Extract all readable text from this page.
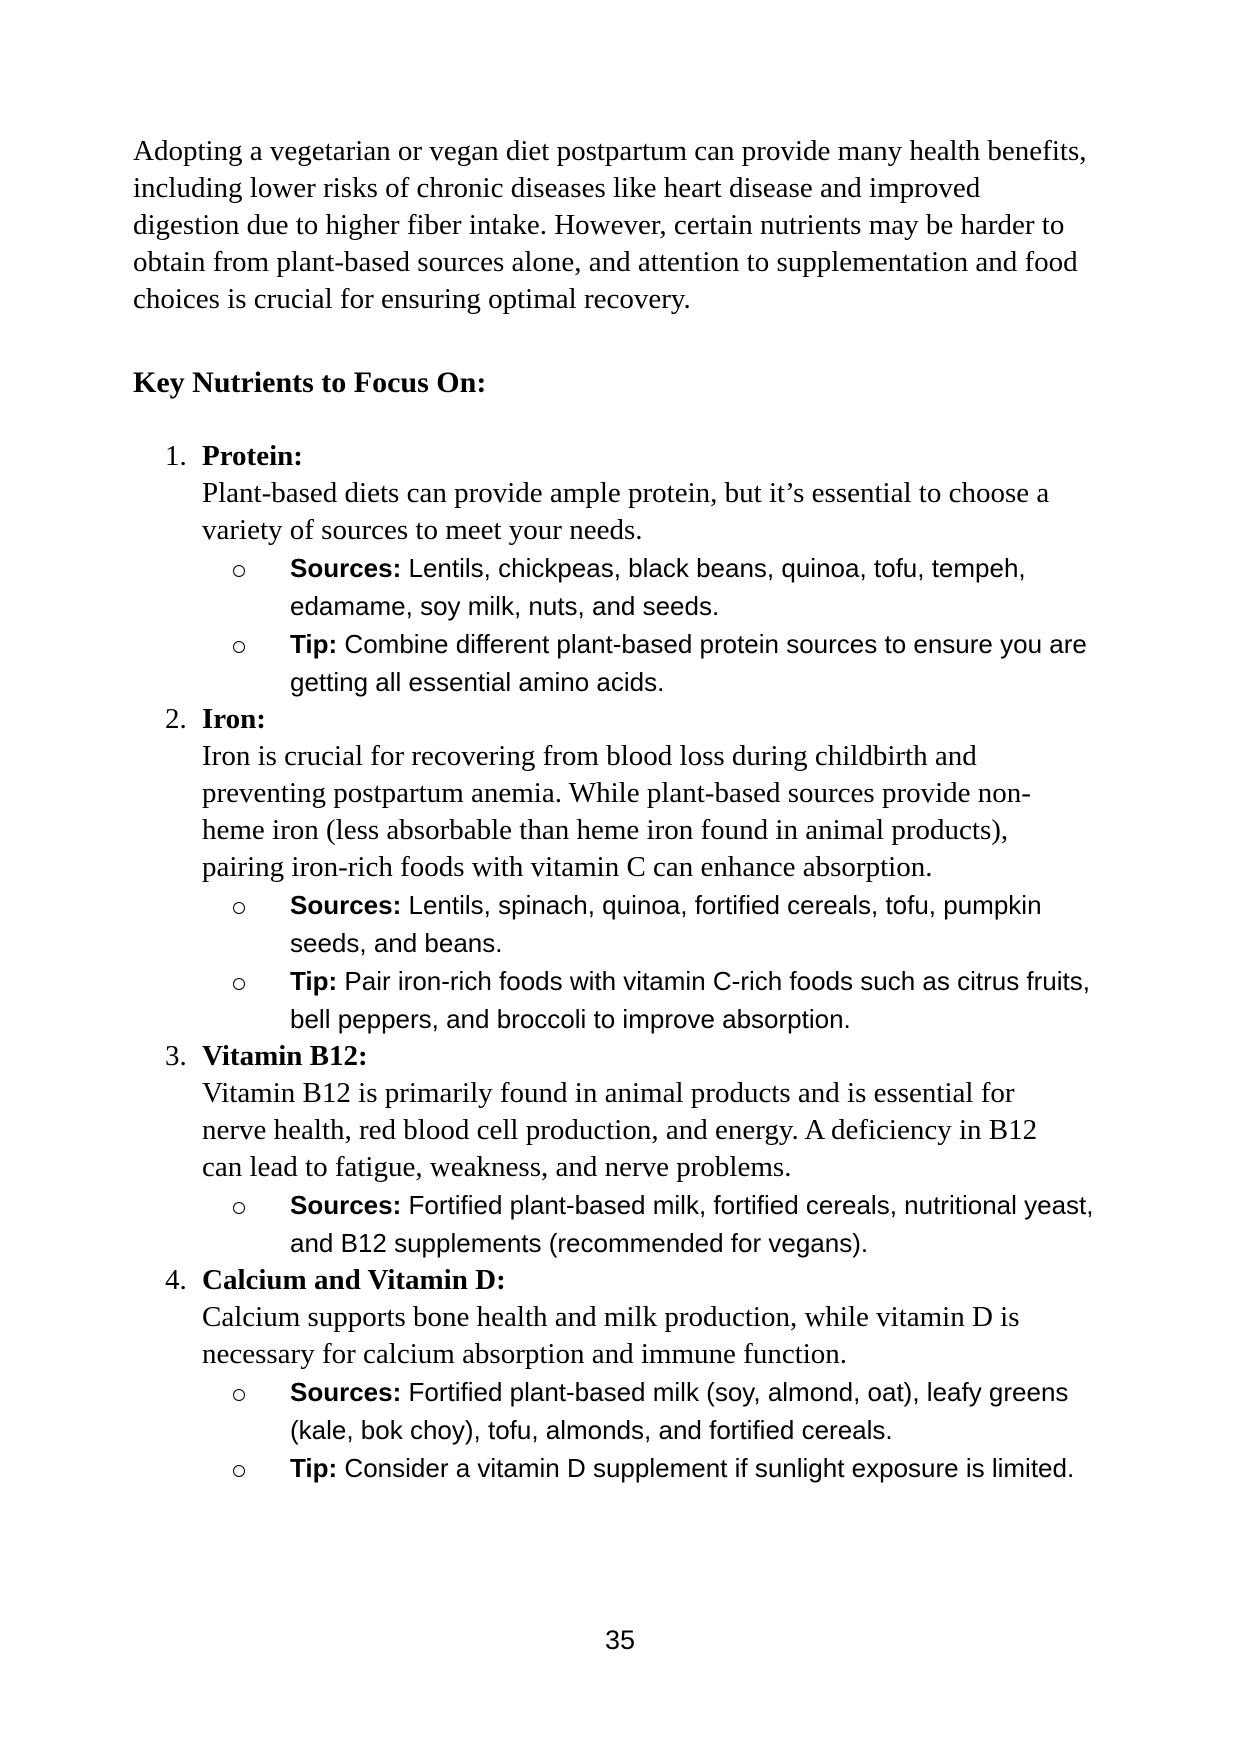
Adopting a vegetarian or vegan diet postpartum can provide many health benefits, including lower risks of chronic diseases like heart disease and improved digestion due to higher fiber intake. However, certain nutrients may be harder to obtain from plant-based sources alone, and attention to supplementation and food choices is crucial for ensuring optimal recovery.

Key Nutrients to Focus On:
1. Protein:
Plant-based diets can provide ample protein, but it’s essential to choose a variety of sources to meet your needs.
Sources: Lentils, chickpeas, black beans, quinoa, tofu, tempeh, edamame, soy milk, nuts, and seeds.
Tip: Combine different plant-based protein sources to ensure you are getting all essential amino acids.
2. Iron:
Iron is crucial for recovering from blood loss during childbirth and preventing postpartum anemia. While plant-based sources provide non-heme iron (less absorbable than heme iron found in animal products), pairing iron-rich foods with vitamin C can enhance absorption.
Sources: Lentils, spinach, quinoa, fortified cereals, tofu, pumpkin seeds, and beans.
Tip: Pair iron-rich foods with vitamin C-rich foods such as citrus fruits, bell peppers, and broccoli to improve absorption.
3. Vitamin B12:
Vitamin B12 is primarily found in animal products and is essential for nerve health, red blood cell production, and energy. A deficiency in B12 can lead to fatigue, weakness, and nerve problems.
Sources: Fortified plant-based milk, fortified cereals, nutritional yeast, and B12 supplements (recommended for vegans).
4. Calcium and Vitamin D:
Calcium supports bone health and milk production, while vitamin D is necessary for calcium absorption and immune function.
Sources: Fortified plant-based milk (soy, almond, oat), leafy greens (kale, bok choy), tofu, almonds, and fortified cereals.
Tip: Consider a vitamin D supplement if sunlight exposure is limited.
35
